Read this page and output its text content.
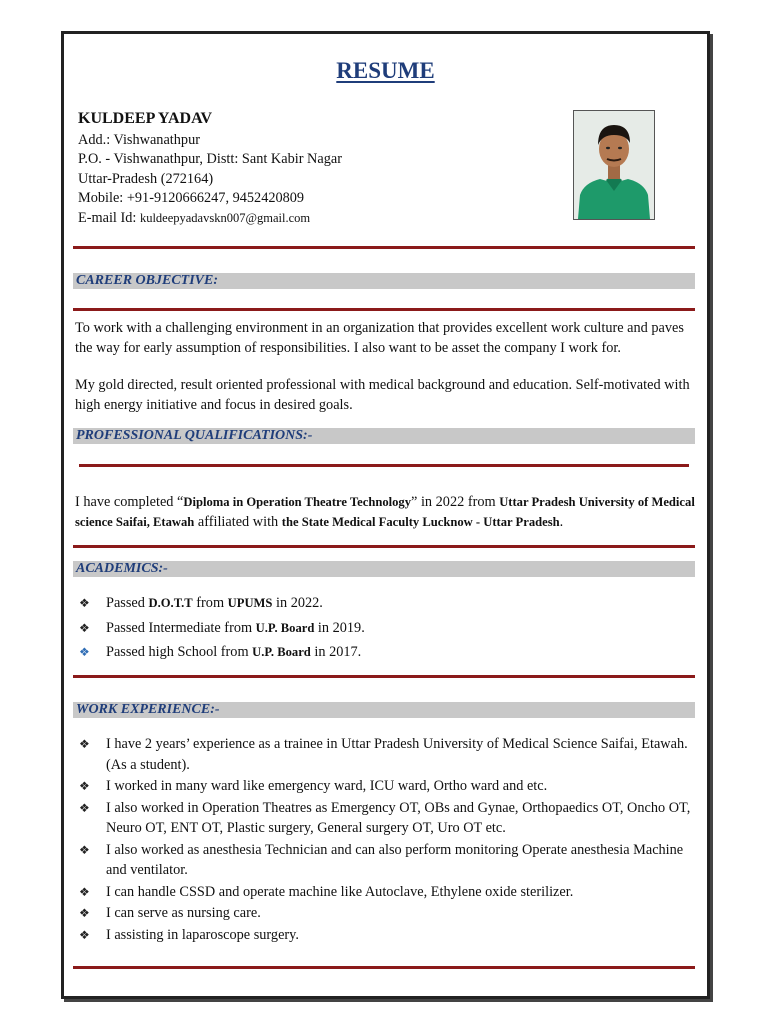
RESUME
KULDEEP YADAV
Add.: Vishwanathpur
P.O. - Vishwanathpur, Distt: Sant Kabir Nagar
Uttar-Pradesh (272164)
Mobile: +91-9120666247, 9452420809
E-mail Id: kuldeepyadavskn007@gmail.com
CAREER OBJECTIVE:
To work with a challenging environment in an organization that provides excellent work culture and paves the way for early assumption of responsibilities. I also want to be asset the company I work for.
My gold directed, result oriented professional with medical background and education. Self-motivated with high energy initiative and focus in desired goals.
PROFESSIONAL QUALIFICATIONS:-
I have completed “Diploma in Operation Theatre Technology” in 2022 from Uttar Pradesh University of Medical science Saifai, Etawah affiliated with the State Medical Faculty Lucknow - Uttar Pradesh.
ACADEMICS:-
❖ Passed D.O.T.T from UPUMS in 2022.
❖ Passed Intermediate from U.P. Board in 2019.
❖ Passed high School from U.P. Board in 2017.
WORK EXPERIENCE:-
❖ I have 2 years’ experience as a trainee in Uttar Pradesh University of Medical Science Saifai, Etawah. (As a student).
❖ I worked in many ward like emergency ward, ICU ward, Ortho ward and etc.
❖ I also worked in Operation Theatres as Emergency OT, OBs and Gynae, Orthopaedics OT, Oncho OT, Neuro OT, ENT OT, Plastic surgery, General surgery OT, Uro OT etc.
❖ I also worked as anesthesia Technician and can also perform monitoring Operate anesthesia Machine and ventilator.
❖ I can handle CSSD and operate machine like Autoclave, Ethylene oxide sterilizer.
❖ I can serve as nursing care.
❖ I assisting in laparoscope surgery.
